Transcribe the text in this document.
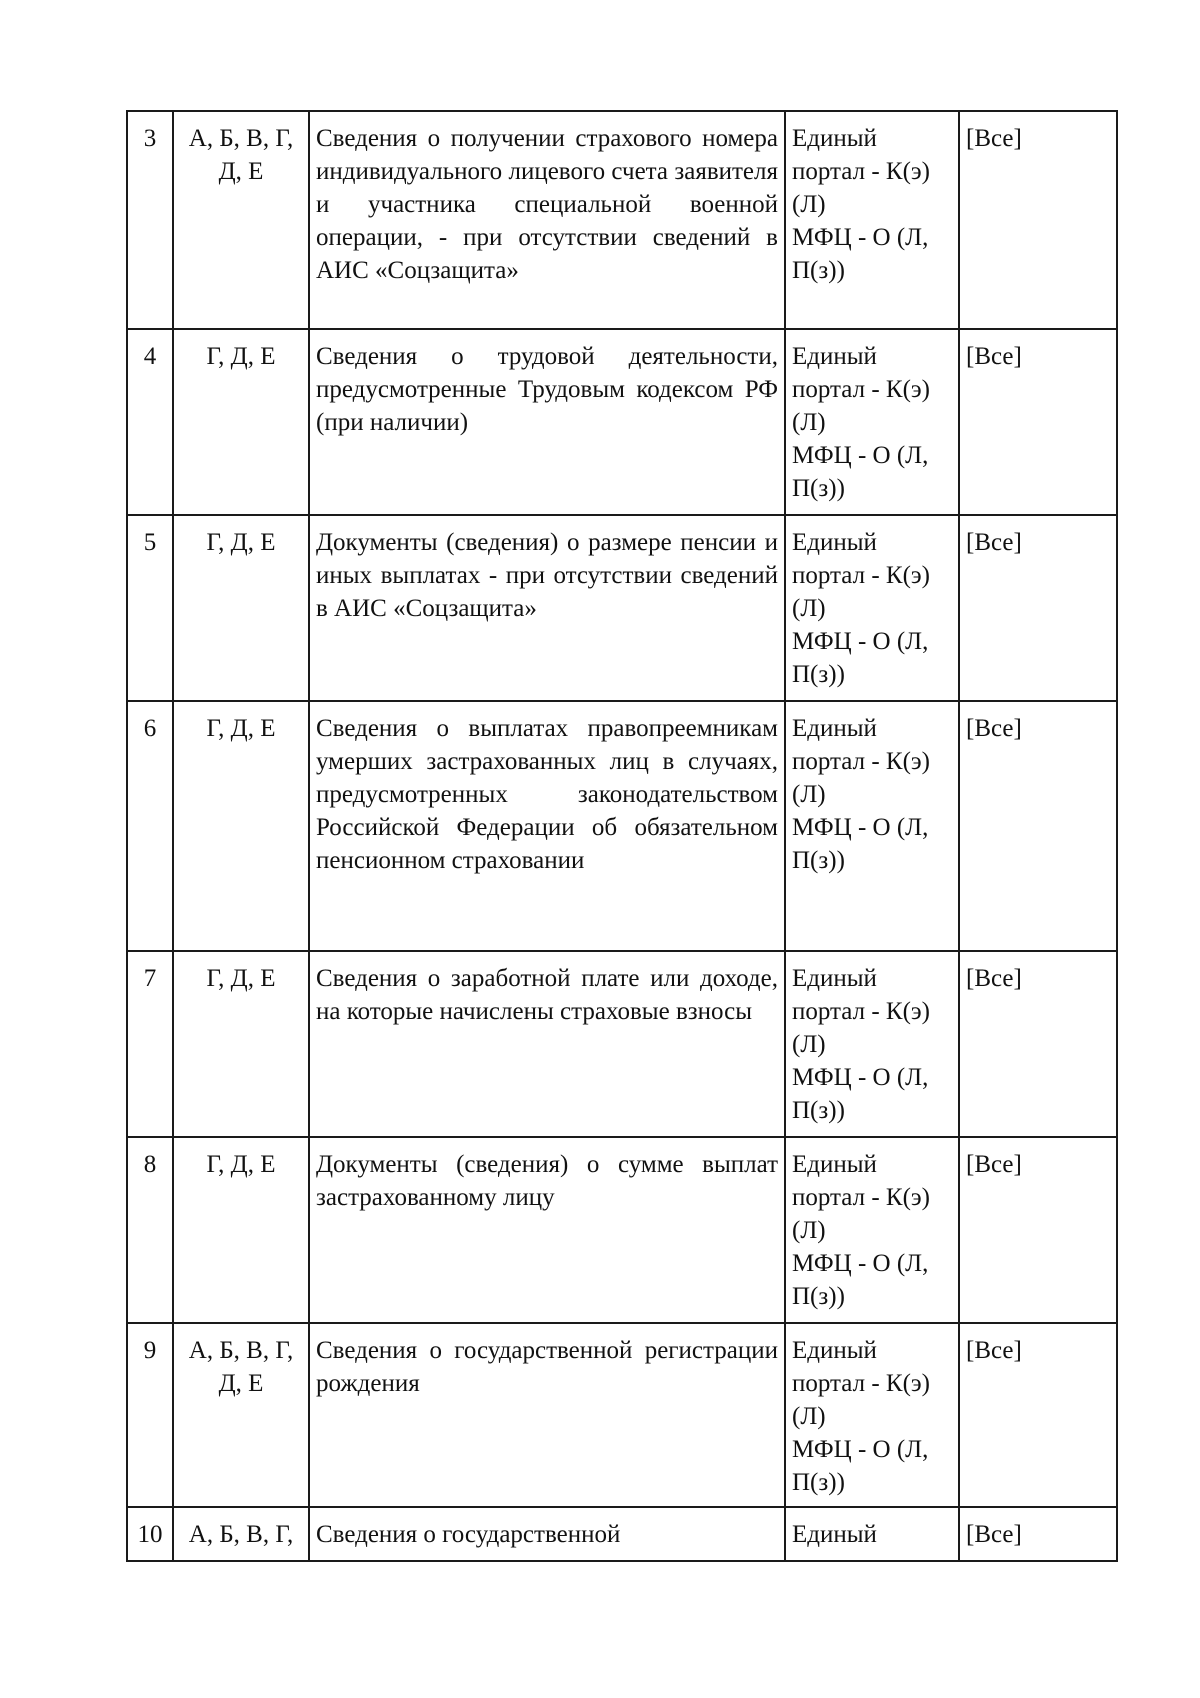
3	А, Б, В, Г, Д, Е	Сведения о получении страхового номера индивидуального лицевого счета заявителя и участника специальной военной операции, - при отсутствии сведений в АИС «Соцзащита»	Единый
портал - К(э)
(Л)
МФЦ - О (Л,
П(з))	[Все]
4	Г, Д, Е	Сведения о трудовой деятельности, предусмотренные Трудовым кодексом РФ (при наличии)	Единый
портал - К(э)
(Л)
МФЦ - О (Л,
П(з))	[Все]
5	Г, Д, Е	Документы (сведения) о размере пенсии и иных выплатах - при отсутствии сведений в АИС «Соцзащита»	Единый
портал - К(э)
(Л)
МФЦ - О (Л,
П(з))	[Все]
6	Г, Д, Е	Сведения о выплатах правопреемникам умерших застрахованных лиц в случаях, предусмотренных законодательством Российской Федерации об обязательном пенсионном страховании	Единый
портал - К(э)
(Л)
МФЦ - О (Л,
П(з))	[Все]
7	Г, Д, Е	Сведения о заработной плате или доходе, на которые начислены страховые взносы	Единый
портал - К(э)
(Л)
МФЦ - О (Л,
П(з))	[Все]
8	Г, Д, Е	Документы (сведения) о сумме выплат застрахованному лицу	Единый
портал - К(э)
(Л)
МФЦ - О (Л,
П(з))	[Все]
9	А, Б, В, Г, Д, Е	Сведения о государственной регистрации рождения	Единый
портал - К(э)
(Л)
МФЦ - О (Л,
П(з))	[Все]
10	А, Б, В, Г,	Сведения о государственной	Единый	[Все]
